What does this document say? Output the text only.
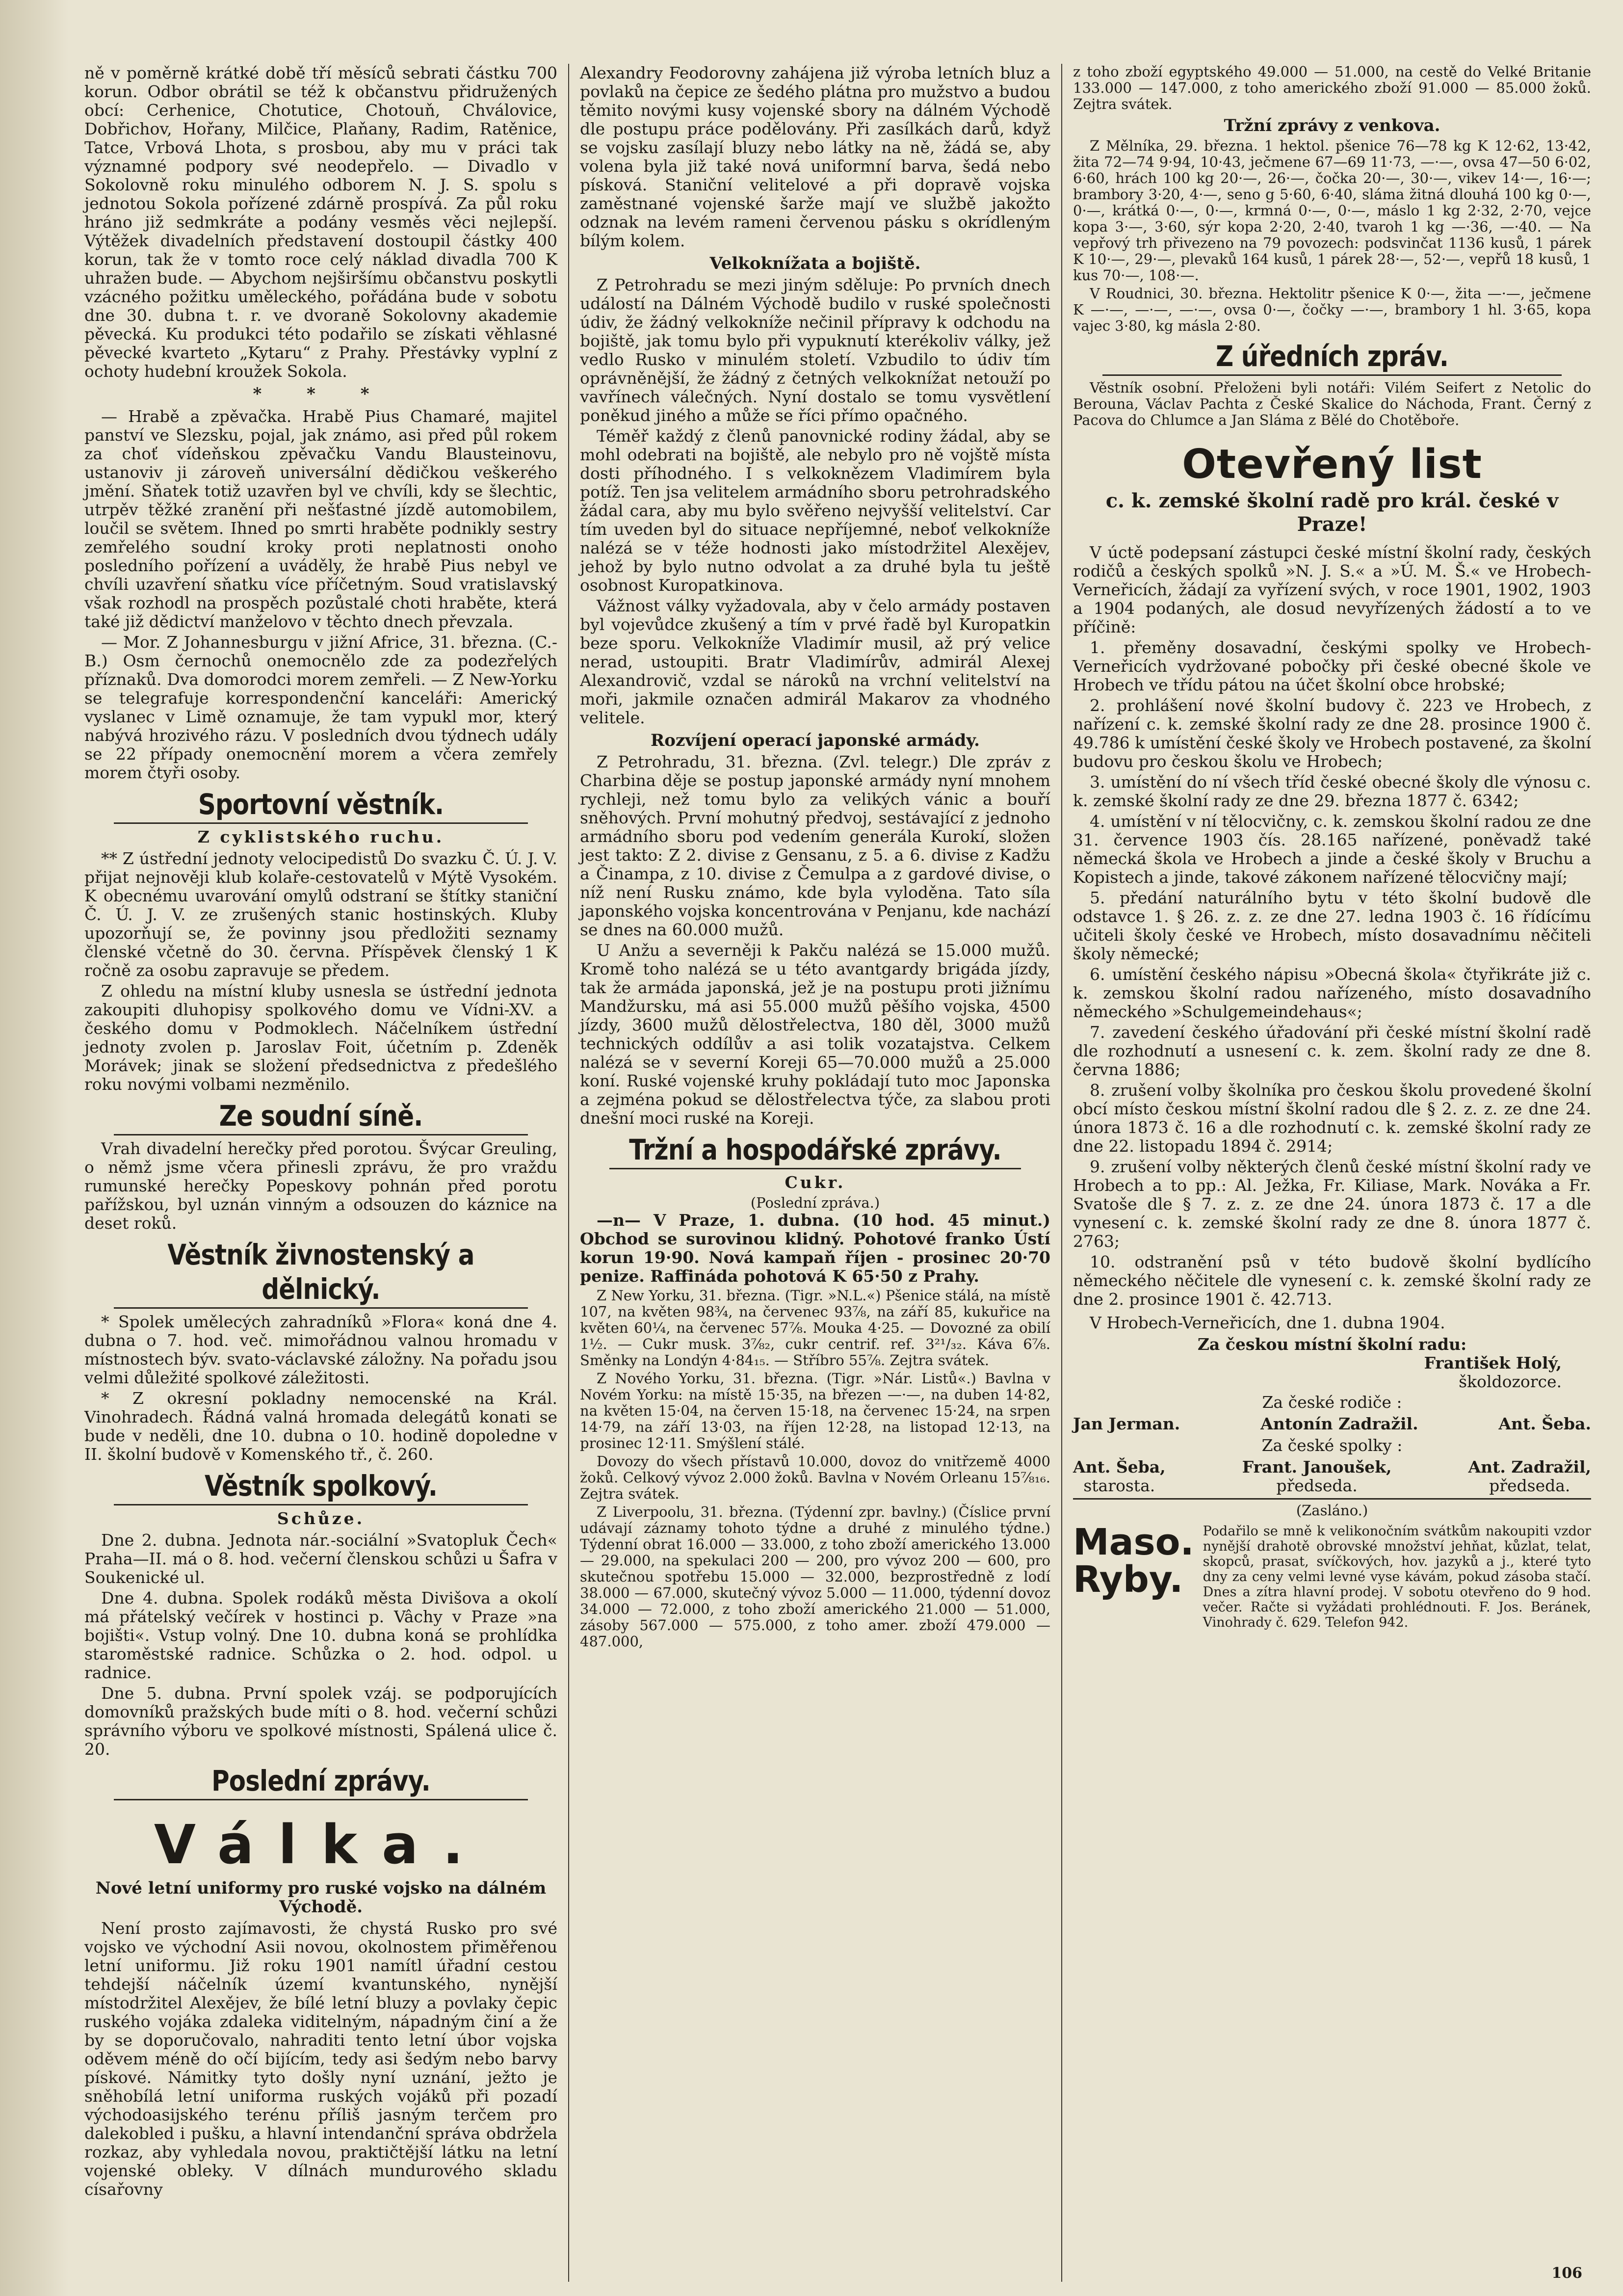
ně v poměrně krátké době tří měsíců sebrati částku 700 korun. Odbor obrátil se též k občanstvu přidružených obcí: Cerhenice, Chotutice, Chotouň, Chválovice, Dobřichov, Hořany, Milčice, Plaňany, Radim, Ratěnice, Tatce, Vrbová Lhota, s prosbou, aby mu v práci tak významné podpory své neodepřelo. — Divadlo v Sokolovně roku minulého odborem N. J. S. spolu s jednotou Sokola pořízené zdárně prospívá. Za půl roku hráno již sedmkráte a podány vesměs věci nejlepší. Výtěžek divadelních představení dostoupil částky 400 korun, tak že v tomto roce celý náklad divadla 700 K uhražen bude. — Abychom nejširšímu občanstvu poskytli vzácného požitku uměleckého, pořádána bude v sobotu dne 30. dubna t. r. ve dvoraně Sokolovny akademie pěvecká. Ku produkci této podařilo se získati věhlasné pěvecké kvarteto „Kytaru“ z Prahy. Přestávky vyplní z ochoty hudební kroužek Sokola.

* * *

— Hrabě a zpěvačka. Hrabě Pius Chamaré, majitel panství ve Slezsku, pojal, jak známo, asi před půl rokem za choť vídeňskou zpěvačku Vandu Blausteinovu, ustanoviv ji zároveň universální dědičkou veškerého jmění. Sňatek totiž uzavřen byl ve chvíli, kdy se šlechtic, utrpěv těžké zranění při nešťastné jízdě automobilem, loučil se světem. Ihned po smrti hraběte podnikly sestry zemřelého soudní kroky proti neplatnosti onoho posledního pořízení a uváděly, že hrabě Pius nebyl ve chvíli uzavření sňatku více příčetným. Soud vratislavský však rozhodl na prospěch pozůstalé choti hraběte, která také již dědictví manželovo v těchto dnech převzala.

— Mor. Z Johannesburgu v jižní Africe, 31. března. (C.-B.) Osm černochů onemocnělo zde za podezřelých příznaků. Dva domorodci morem zemřeli. — Z New-Yorku se telegrafuje korrespondenční kanceláři: Americký vyslanec v Limě oznamuje, že tam vypukl mor, který nabývá hrozivého rázu. V posledních dvou týdnech udály se 22 případy onemocnění morem a včera zemřely morem čtyři osoby.

Sportovní věstník.
Z cyklistského ruchu.

** Z ústřední jednoty velocipedistů Do svazku Č. Ú. J. V. přijat nejnověji klub kolaře-cestovatelů v Mýtě Vysokém. K obecnému uvarování omylů odstraní se štítky staniční Č. Ú. J. V. ze zrušených stanic hostinských. Kluby upozorňují se, že povinny jsou předložiti seznamy členské včetně do 30. června. Příspěvek členský 1 K ročně za osobu zapravuje se předem.

Z ohledu na místní kluby usnesla se ústřední jednota zakoupiti dluhopisy spolkového domu ve Vídni-XV. a českého domu v Podmoklech. Náčelníkem ústřední jednoty zvolen p. Jaroslav Foit, účetním p. Zdeněk Morávek; jinak se složení předsednictva z předešlého roku novými volbami nezměnilo.

Ze soudní síně.

Vrah divadelní herečky před porotou. Švýcar Greuling, o němž jsme včera přinesli zprávu, že pro vraždu rumunské herečky Popeskovy pohnán před porotu pařížskou, byl uznán vinným a odsouzen do káznice na deset roků.

Věstník živnostenský a dělnický.

* Spolek umělecých zahradníků »Flora« koná dne 4. dubna o 7. hod. več. mimořádnou valnou hromadu v místnostech býv. svato-václavské záložny. Na pořadu jsou velmi důležité spolkové záležitosti.

* Z okresní pokladny nemocenské na Král. Vinohradech. Řádná valná hromada delegátů konati se bude v neděli, dne 10. dubna o 10. hodině dopoledne v II. školní budově v Komenského tř., č. 260.

Věstník spolkový.
Schůze.

Dne 2. dubna. Jednota nár.-sociální »Svatopluk Čech« Praha—II. má o 8. hod. večerní členskou schůzi u Šafra v Soukenické ul.

Dne 4. dubna. Spolek rodáků města Divišova a okolí má přátelský večírek v hostinci p. Vâchy v Praze »na bojišti«. Vstup volný. Dne 10. dubna koná se prohlídka staroměstské radnice. Schůzka o 2. hod. odpol. u radnice.

Dne 5. dubna. První spolek vzáj. se podporujících domovníků pražských bude míti o 8. hod. večerní schůzi správního výboru ve spolkové místnosti, Spálená ulice č. 20.

Poslední zprávy.
Válka.
Nové letní uniformy pro ruské vojsko na dálném Východě.

Není prosto zajímavosti, že chystá Rusko pro své vojsko ve východní Asii novou, okolnostem přiměřenou letní uniformu. Již roku 1901 namítl úřadní cestou tehdejší náčelník území kvantunského, nynější místodržitel Alexějev, že bílé letní bluzy a povlaky čepic ruského vojáka zdaleka viditelným, nápadným činí a že by se doporučovalo, nahraditi tento letní úbor vojska oděvem méně do očí bijícím, tedy asi šedým nebo barvy pískové. Námitky tyto došly nyní uznání, ježto je sněhobílá letní uniforma ruských vojáků při pozadí východoasijského terénu příliš jasným terčem pro dalekobled i pušku, a hlavní intendanční správa obdržela rozkaz, aby vyhledala novou, praktičtější látku na letní vojenské obleky. V dílnách mundurového skladu císařovny

Alexandry Feodorovny zahájena již výroba letních bluz a povlaků na čepice ze šedého plátna pro mužstvo a budou těmito novými kusy vojenské sbory na dálném Východě dle postupu práce podělovány. Při zasílkách darů, když se vojsku zasílají bluzy nebo látky na ně, žádá se, aby volena byla již také nová uniformní barva, šedá nebo písková. Staniční velitelové a při dopravě vojska zaměstnané vojenské šarže mají ve službě jakožto odznak na levém rameni červenou pásku s okrídleným bílým kolem.

Velkoknížata a bojiště.

Z Petrohradu se mezi jiným sděluje: Po prvních dnech událostí na Dálném Východě budilo v ruské společnosti údiv, že žádný velkokníže nečinil přípravy k odchodu na bojiště, jak tomu bylo při vypuknutí kterékoliv války, jež vedlo Rusko v minulém století. Vzbudilo to údiv tím oprávněnější, že žádný z četných velkoknížat netouží po vavřínech válečných. Nyní dostalo se tomu vysvětlení poněkud jiného a může se říci přímo opačného.

Téměř každý z členů panovnické rodiny žádal, aby se mohl odebrati na bojiště, ale nebylo pro ně vojště místa dosti příhodného. I s velkoknězem Vladimírem byla potíž. Ten jsa velitelem armádního sboru petrohradského žádal cara, aby mu bylo svěřeno nejvyšší velitelství. Car tím uveden byl do situace nepříjemné, neboť velkokníže nalézá se v téže hodnosti jako místodržitel Alexějev, jehož by bylo nutno odvolat a za druhé byla tu ještě osobnost Kuropatkinova.

Vážnost války vyžadovala, aby v čelo armády postaven byl vojevůdce zkušený a tím v prvé řadě byl Kuropatkin beze sporu. Velkokníže Vladimír musil, až prý velice nerad, ustoupiti. Bratr Vladimírův, admirál Alexej Alexandrovič, vzdal se nároků na vrchní velitelství na moři, jakmile označen admirál Makarov za vhodného velitele.

Rozvíjení operací japonské armády.

Z Petrohradu, 31. března. (Zvl. telegr.) Dle zpráv z Charbina děje se postup japonské armády nyní mnohem rychleji, než tomu bylo za velikých vánic a bouří sněhových. První mohutný předvoj, sestávající z jednoho armádního sboru pod vedením generála Kurokí, složen jest takto: Z 2. divise z Gensanu, z 5. a 6. divise z Kadžu a Činampa, z 10. divise z Čemulpa a z gardové divise, o níž není Rusku známo, kde byla vyloděna. Tato síla japonského vojska koncentrována v Penjanu, kde nachází se dnes na 60.000 mužů.

U Anžu a severněji k Pakču nalézá se 15.000 mužů. Kromě toho nalézá se u této avantgardy brigáda jízdy, tak že armáda japonská, jež je na postupu proti jižnímu Mandžursku, má asi 55.000 mužů pěšího vojska, 4500 jízdy, 3600 mužů dělostřelectva, 180 děl, 3000 mužů technických oddílův a asi tolik vozatajstva. Celkem nalézá se v severní Koreji 65—70.000 mužů a 25.000 koní. Ruské vojenské kruhy pokládají tuto moc Japonska a zejména pokud se dělostřelectva týče, za slabou proti dnešní moci ruské na Koreji.

Tržní a hospodářské zprávy.
Cukr.
(Poslední zpráva.)

—n— V Praze, 1. dubna. (10 hod. 45 minut.) Obchod se surovinou klidný. Pohotové franko Ústí korun 19·90. Nová kampaň říjen - prosinec 20·70 penize. Raffináda pohotová K 65·50 z Prahy.

Z New Yorku, 31. března. (Tigr. »N.L.«) Pšenice stálá, na místě 107, na květen 98¾, na červenec 93⅞, na září 85, kukuřice na květen 60¼, na červenec 57⅞. Mouka 4·25. — Dovozné za obilí 1½. — Cukr musk. 3⅞₂, cukr centrif. ref. 3²¹/₃₂. Káva 6⅞. Směnky na Londýn 4·84₁₅. — Stříbro 55⅞. Zejtra svátek.

Z Nového Yorku, 31. března. (Tigr. »Nár. Listů«.) Bavlna v Novém Yorku: na místě 15·35, na březen —·—, na duben 14·82, na květen 15·04, na červen 15·18, na červenec 15·24, na srpen 14·79, na září 13·03, na říjen 12·28, na listopad 12·13, na prosinec 12·11. Smýšlení stálé.

Dovozy do všech přístavů 10.000, dovoz do vnitřzemě 4000 žoků. Celkový vývoz 2.000 žoků. Bavlna v Novém Orleanu 15⅞₁₆. Zejtra svátek.

Z Liverpoolu, 31. března. (Týdenní zpr. bavlny.) (Číslice první udávají záznamy tohoto týdne a druhé z minulého týdne.) Týdenní obrat 16.000 — 33.000, z toho zboží amerického 13.000 — 29.000, na spekulaci 200 — 200, pro vývoz 200 — 600, pro skutečnou spotřebu 15.000 — 32.000, bezprostředně z lodí 38.000 — 67.000, skutečný vývoz 5.000 — 11.000, týdenní dovoz 34.000 — 72.000, z toho zboží amerického 21.000 — 51.000, zásoby 567.000 — 575.000, z toho amer. zboží 479.000 — 487.000,

z toho zboží egyptského 49.000 — 51.000, na cestě do Velké Britanie 133.000 — 147.000, z toho amerického zboží 91.000 — 85.000 žoků. Zejtra svátek.

Tržní zprávy z venkova.

Z Mělníka, 29. března. 1 hektol. pšenice 76—78 kg K 12·62, 13·42, žita 72—74 9·94, 10·43, ječmene 67—69 11·73, —·—, ovsa 47—50 6·02, 6·60, hrách 100 kg 20·—, 26·—, čočka 20·—, 30·—, vikev 14·—, 16·—; brambory 3·20, 4·—, seno g 5·60, 6·40, sláma žitná dlouhá 100 kg 0·—, 0·—, krátká 0·—, 0·—, krmná 0·—, 0·—, máslo 1 kg 2·32, 2·70, vejce kopa 3·—, 3·60, sýr kopa 2·20, 2·40, tvaroh 1 kg —·36, —·40. — Na vepřový trh přivezeno na 79 povozech: podsvinčat 1136 kusů, 1 párek K 10·—, 29·—, plevaků 164 kusů, 1 párek 28·—, 52·—, vepřů 18 kusů, 1 kus 70·—, 108·—.

V Roudnici, 30. března. Hektolitr pšenice K 0·—, žita —·—, ječmene K —·—, —·—, —·—, ovsa 0·—, čočky —·—, brambory 1 hl. 3·65, kopa vajec 3·80, kg másla 2·80.

Z úředních zpráv.

Věstník osobní. Přeloženi byli notáři: Vilém Seifert z Netolic do Berouna, Václav Pachta z České Skalice do Náchoda, Frant. Černý z Pacova do Chlumce a Jan Sláma z Bělé do Chotěboře.

Otevřený list
c. k. zemské školní radě pro král. české v Praze!

V úctě podepsaní zástupci české místní školní rady, českých rodičů a českých spolků »N. J. S.« a »Ú. M. Š.« ve Hrobech-Verneřicích, žádají za vyřízení svých, v roce 1901, 1902, 1903 a 1904 podaných, ale dosud nevyřízených žádostí a to ve příčině:

1. přeměny dosavadní, českými spolky ve Hrobech-Verneřicích vydržované pobočky při české obecné škole ve Hrobech ve třídu pátou na účet školní obce hrobské;

2. prohlášení nové školní budovy č. 223 ve Hrobech, z nařízení c. k. zemské školní rady ze dne 28. prosince 1900 č. 49.786 k umístění české školy ve Hrobech postavené, za školní budovu pro českou školu ve Hrobech;

3. umístění do ní všech tříd české obecné školy dle výnosu c. k. zemské školní rady ze dne 29. března 1877 č. 6342;

4. umístění v ní tělocvičny, c. k. zemskou školní radou ze dne 31. července 1903 čís. 28.165 nařízené, poněvadž také německá škola ve Hrobech a jinde a české školy v Bruchu a Kopistech a jinde, takové zákonem nařízené tělocvičny mají;

5. předání naturálního bytu v této školní budově dle odstavce 1. § 26. z. z. ze dne 27. ledna 1903 č. 16 řídícímu učiteli školy české ve Hrobech, místo dosavadnímu něčiteli školy německé;

6. umístění českého nápisu »Obecná škola« čtyřikráte již c. k. zemskou školní radou nařízeného, místo dosavadního německého »Schulgemeindehaus«;

7. zavedení českého úřadování při české místní školní radě dle rozhodnutí a usnesení c. k. zem. školní rady ze dne 8. června 1886;

8. zrušení volby školníka pro českou školu provedené školní obcí místo českou místní školní radou dle § 2. z. z. ze dne 24. února 1873 č. 16 a dle rozhodnutí c. k. zemské školní rady ze dne 22. listopadu 1894 č. 2914;

9. zrušení volby některých členů české místní školní rady ve Hrobech a to pp.: Al. Ježka, Fr. Kiliase, Mark. Nováka a Fr. Svatoše dle § 7. z. z. ze dne 24. února 1873 č. 17 a dle vynesení c. k. zemské školní rady ze dne 8. února 1877 č. 2763;

10. odstranění psů v této budově školní bydlícího německého něčitele dle vynesení c. k. zemské školní rady ze dne 2. prosince 1901 č. 42.713.

V Hrobech-Verneřicích, dne 1. dubna 1904.

Za českou místní školní radu:
František Holý,
školdozorce.
Za české rodiče :
Jan Jerman.	Antonín Zadražil.	Ant. Šeba.
Za české spolky :
Ant. Šeba,
starosta.
Frant. Janoušek,
předseda.
Ant. Zadražil,
předseda.
(Zasláno.)
Maso.
Ryby.
Podařilo se mně k velikonočním svátkům nakoupiti vzdor nynější drahotě obrovské množství jehňat, kůzlat, telat, skopců, prasat, svíčkových, hov. jazyků a j., které tyto dny za ceny velmi levné vyse kávám, pokud zásoba stačí. Dnes a zítra hlavní prodej. V sobotu otevřeno do 9 hod. večer. Račte si vyžádati prohlédnouti. F. Jos. Beránek, Vinohrady č. 629. Telefon 942.
106
